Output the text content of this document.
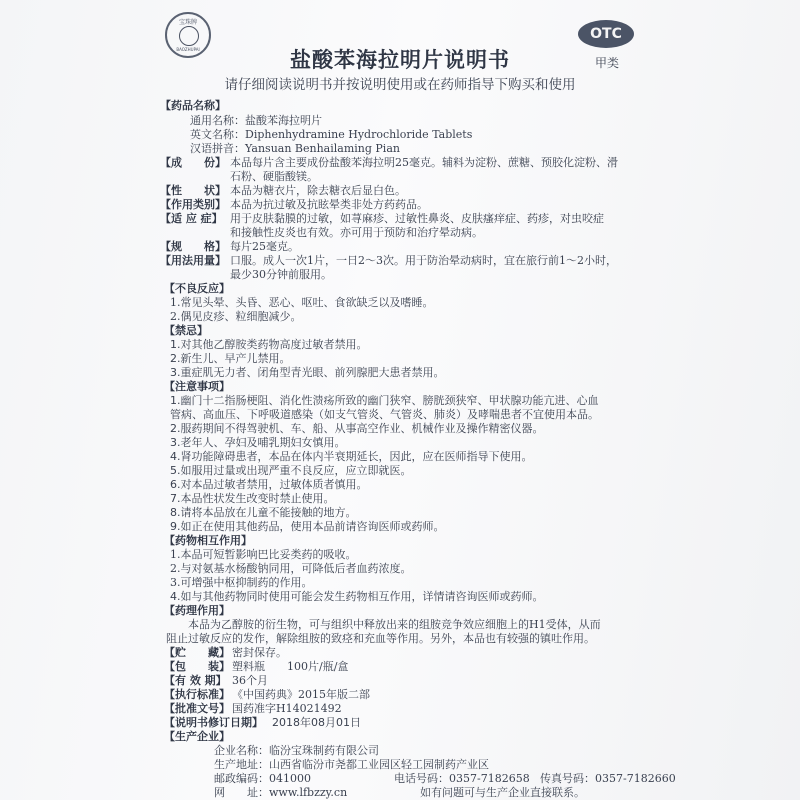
宝珠牌
BAOZHUPAI
OTC
甲类
盐酸苯海拉明片说明书
请仔细阅读说明书并按说明使用或在药师指导下购买和使用
【药品名称】
通用名称：盐酸苯海拉明片
英文名称：Diphenhydramine Hydrochloride Tablets
汉语拼音：Yansuan Benhailaming Pian
【成　　份】 本品每片含主要成份盐酸苯海拉明25毫克。辅料为淀粉、蔗糖、预胶化淀粉、滑
石粉、硬脂酸镁。
【性　　状】 本品为糖衣片，除去糖衣后显白色。
【作用类别】 本品为抗过敏及抗眩晕类非处方药药品。
【适 应 症】 用于皮肤黏膜的过敏，如荨麻疹、过敏性鼻炎、皮肤瘙痒症、药疹，对虫咬症
和接触性皮炎也有效。亦可用于预防和治疗晕动病。
【规　　格】 每片25毫克。
【用法用量】 口服。成人一次1片，一日2～3次。用于防治晕动病时，宜在旅行前1～2小时，
最少30分钟前服用。
【不良反应】
1.常见头晕、头昏、恶心、呕吐、食欲缺乏以及嗜睡。
2.偶见皮疹、粒细胞减少。
【禁忌】
1.对其他乙醇胺类药物高度过敏者禁用。
2.新生儿、早产儿禁用。
3.重症肌无力者、闭角型青光眼、前列腺肥大患者禁用。
【注意事项】
1.幽门十二指肠梗阻、消化性溃疡所致的幽门狭窄、膀胱颈狭窄、甲状腺功能亢进、心血
管病、高血压、下呼吸道感染（如支气管炎、气管炎、肺炎）及哮喘患者不宜使用本品。
2.服药期间不得驾驶机、车、船、从事高空作业、机械作业及操作精密仪器。
3.老年人、孕妇及哺乳期妇女慎用。
4.肾功能障碍患者，本品在体内半衰期延长，因此，应在医师指导下使用。
5.如服用过量或出现严重不良反应，应立即就医。
6.对本品过敏者禁用，过敏体质者慎用。
7.本品性状发生改变时禁止使用。
8.请将本品放在儿童不能接触的地方。
9.如正在使用其他药品，使用本品前请咨询医师或药师。
【药物相互作用】
1.本品可短暂影响巴比妥类药的吸收。
2.与对氨基水杨酸钠同用，可降低后者血药浓度。
3.可增强中枢抑制药的作用。
4.如与其他药物同时使用可能会发生药物相互作用，详情请咨询医师或药师。
【药理作用】
本品为乙醇胺的衍生物，可与组织中释放出来的组胺竞争效应细胞上的H1受体，从而
阻止过敏反应的发作，解除组胺的致痉和充血等作用。另外，本品也有较强的镇吐作用。
【贮　　藏】 密封保存。
【包　　装】 塑料瓶　　100片/瓶/盒
【有 效 期】 36个月
【执行标准】 《中国药典》2015年版二部
【批准文号】 国药准字H14021492
【说明书修订日期】 2018年08月01日
【生产企业】
企业名称：临汾宝珠制药有限公司
生产地址：山西省临汾市尧都工业园区轻工园制药产业区
邮政编码：041000	电话号码：0357-7182658 传真号码：0357-7182660
网　　址：www.lfbzzy.cn	如有问题可与生产企业直接联系。
